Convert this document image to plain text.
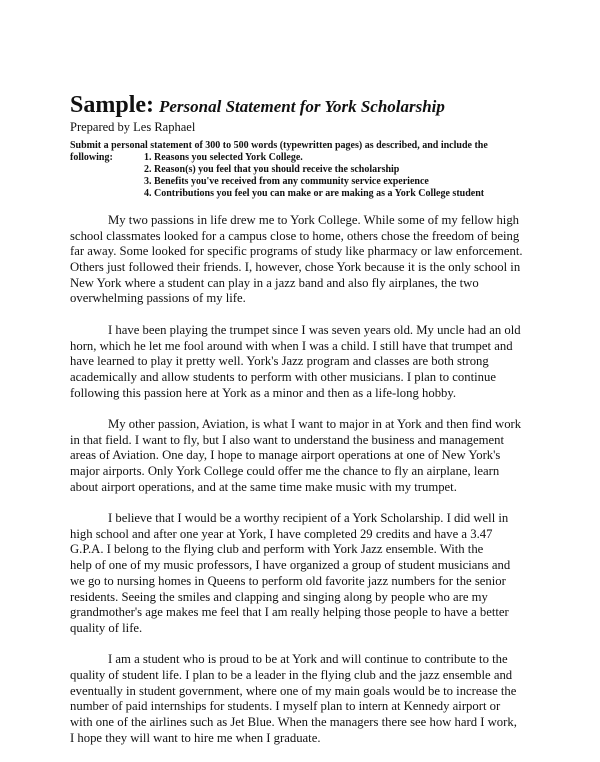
Sample: Personal Statement for York Scholarship
Prepared by Les Raphael
Submit a personal statement of 300 to 500 words (typewritten pages) as described, and include the
following:	1. Reasons you selected York College.
2. Reason(s) you feel that you should receive the scholarship
3. Benefits you've received from any community service experience
4. Contributions you feel you can make or are making as a York College student
My two passions in life drew me to York College. While some of my fellow high
school classmates looked for a campus close to home, others chose the freedom of being
far away. Some looked for specific programs of study like pharmacy or law enforcement.
Others just followed their friends. I, however, chose York because it is the only school in
New York where a student can play in a jazz band and also fly airplanes, the two
overwhelming passions of my life.
I have been playing the trumpet since I was seven years old. My uncle had an old
horn, which he let me fool around with when I was a child. I still have that trumpet and
have learned to play it pretty well. York's Jazz program and classes are both strong
academically and allow students to perform with other musicians. I plan to continue
following this passion here at York as a minor and then as a life-long hobby.
My other passion, Aviation, is what I want to major in at York and then find work
in that field. I want to fly, but I also want to understand the business and management
areas of Aviation. One day, I hope to manage airport operations at one of New York's
major airports. Only York College could offer me the chance to fly an airplane, learn
about airport operations, and at the same time make music with my trumpet.
I believe that I would be a worthy recipient of a York Scholarship. I did well in
high school and after one year at York, I have completed 29 credits and have a 3.47
G.P.A. I belong to the flying club and perform with York Jazz ensemble. With the
help of one of my music professors, I have organized a group of student musicians and
we go to nursing homes in Queens to perform old favorite jazz numbers for the senior
residents. Seeing the smiles and clapping and singing along by people who are my
grandmother's age makes me feel that I am really helping those people to have a better
quality of life.
I am a student who is proud to be at York and will continue to contribute to the
quality of student life. I plan to be a leader in the flying club and the jazz ensemble and
eventually in student government, where one of my main goals would be to increase the
number of paid internships for students. I myself plan to intern at Kennedy airport or
with one of the airlines such as Jet Blue. When the managers there see how hard I work,
I hope they will want to hire me when I graduate.
